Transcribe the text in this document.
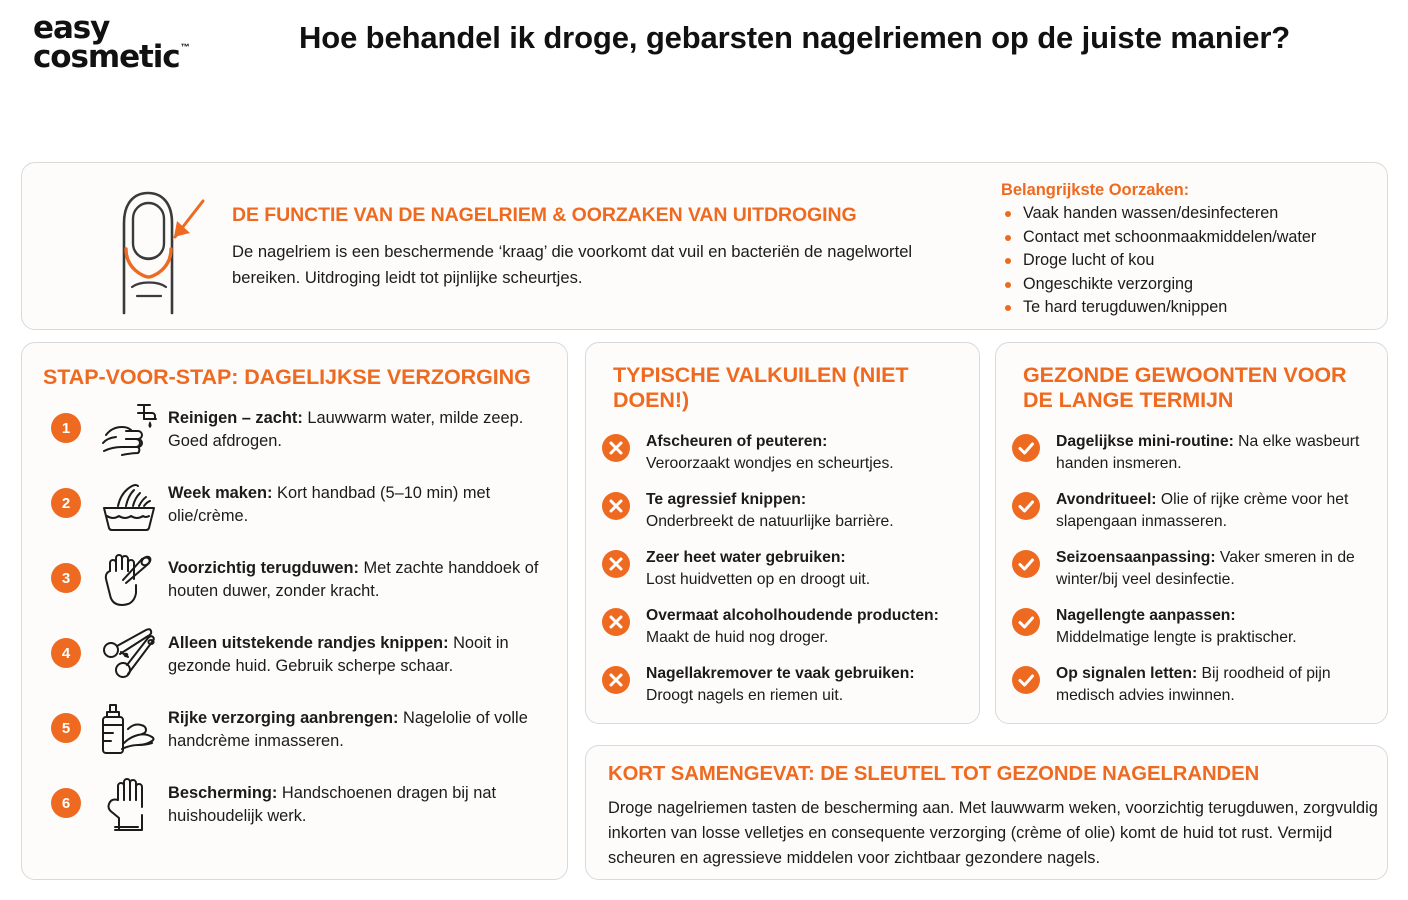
easy
cosmetic™	Hoe behandel ik droge, gebarsten nagelriemen op de juiste manier?
DE FUNCTIE VAN DE NAGELRIEM & OORZAKEN VAN UITDROGING
De nagelriem is een beschermende ‘kraag’ die voorkomt dat vuil en bacteriën de nagelwortel bereiken. Uitdroging leidt tot pijnlijke scheurtjes.
Belangrijkste Oorzaken:
Vaak handen wassen/desinfecteren
Contact met schoonmaakmiddelen/water
Droge lucht of kou
Ongeschikte verzorging
Te hard terugduwen/knippen
STAP-VOOR-STAP: DAGELIJKSE VERZORGING
1
Reinigen – zacht: Lauwwarm water, milde zeep. Goed afdrogen.
2
Week maken: Kort handbad (5–10 min) met olie/crème.
3
Voorzichtig terugduwen: Met zachte handdoek of houten duwer, zonder kracht.
4
Alleen uitstekende randjes knippen: Nooit in gezonde huid. Gebruik scherpe schaar.
5
Rijke verzorging aanbrengen: Nagelolie of volle handcrème inmasseren.
6
Bescherming: Handschoenen dragen bij nat huishoudelijk werk.
TYPISCHE VALKUILEN (NIET DOEN!)
Afscheuren of peuteren:
Veroorzaakt wondjes en scheurtjes.
Te agressief knippen:
Onderbreekt de natuurlijke barrière.
Zeer heet water gebruiken:
Lost huidvetten op en droogt uit.
Overmaat alcoholhoudende producten: Maakt de huid nog droger.
Nagellakremover te vaak gebruiken:
Droogt nagels en riemen uit.
GEZONDE GEWOONTEN VOOR DE LANGE TERMIJN
Dagelijkse mini-routine: Na elke wasbeurt handen insmeren.
Avondritueel: Olie of rijke crème voor het slapengaan inmasseren.
Seizoensaanpassing: Vaker smeren in de winter/bij veel desinfectie.
Nagellengte aanpassen:
Middelmatige lengte is praktischer.
Op signalen letten: Bij roodheid of pijn medisch advies inwinnen.
KORT SAMENGEVAT: DE SLEUTEL TOT GEZONDE NAGELRANDEN
Droge nagelriemen tasten de bescherming aan. Met lauwwarm weken, voorzichtig terugduwen, zorgvuldig inkorten van losse velletjes en consequente verzorging (crème of olie) komt de huid tot rust. Vermijd scheuren en agressieve middelen voor zichtbaar gezondere nagels.
